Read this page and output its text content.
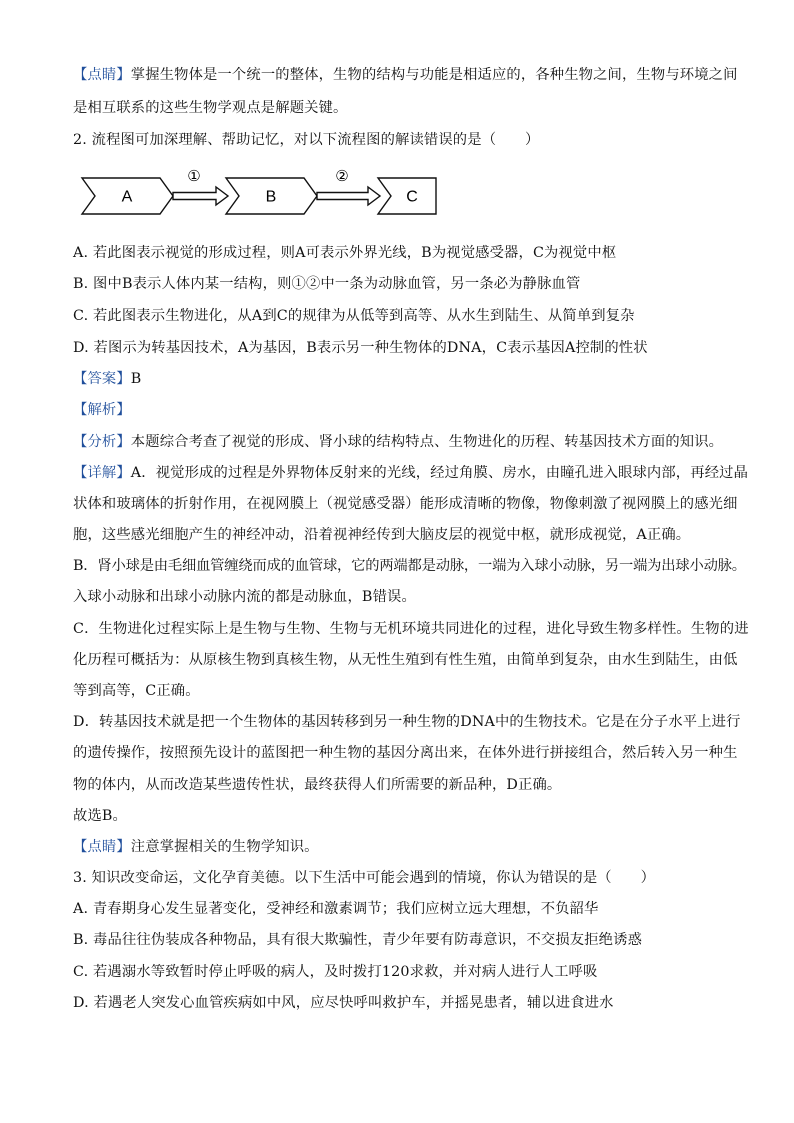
【点睛】掌握生物体是一个统一的整体，生物的结构与功能是相适应的，各种生物之间，生物与环境之间

是相互联系的这些生物学观点是解题关键。

2. 流程图可加深理解、帮助记忆，对以下流程图的解读错误的是（　　）

A
①
B
②
C

A. 若此图表示视觉的形成过程，则A可表示外界光线，B为视觉感受器，C为视觉中枢

B. 图中B表示人体内某一结构，则①②中一条为动脉血管，另一条必为静脉血管

C. 若此图表示生物进化，从A到C的规律为从低等到高等、从水生到陆生、从简单到复杂

D. 若图示为转基因技术，A为基因，B表示另一种生物体的DNA，C表示基因A控制的性状

【答案】B

【解析】

【分析】本题综合考查了视觉的形成、肾小球的结构特点、生物进化的历程、转基因技术方面的知识。

【详解】A．视觉形成的过程是外界物体反射来的光线，经过角膜、房水，由瞳孔进入眼球内部，再经过晶

状体和玻璃体的折射作用，在视网膜上（视觉感受器）能形成清晰的物像，物像刺激了视网膜上的感光细

胞，这些感光细胞产生的神经冲动，沿着视神经传到大脑皮层的视觉中枢，就形成视觉，A正确。

B．肾小球是由毛细血管缠绕而成的血管球，它的两端都是动脉，一端为入球小动脉，另一端为出球小动脉。

入球小动脉和出球小动脉内流的都是动脉血，B错误。

C．生物进化过程实际上是生物与生物、生物与无机环境共同进化的过程，进化导致生物多样性。生物的进

化历程可概括为：从原核生物到真核生物，从无性生殖到有性生殖，由简单到复杂，由水生到陆生，由低

等到高等，C正确。

D．转基因技术就是把一个生物体的基因转移到另一种生物的DNA中的生物技术。它是在分子水平上进行

的遗传操作，按照预先设计的蓝图把一种生物的基因分离出来，在体外进行拼接组合，然后转入另一种生

物的体内，从而改造某些遗传性状，最终获得人们所需要的新品种，D正确。

故选B。

【点睛】注意掌握相关的生物学知识。

3. 知识改变命运，文化孕育美德。以下生活中可能会遇到的情境，你认为错误的是（　　）

A. 青春期身心发生显著变化，受神经和激素调节；我们应树立远大理想，不负韶华

B. 毒品往往伪装成各种物品，具有很大欺骗性，青少年要有防毒意识，不交损友拒绝诱惑

C. 若遇溺水等致暂时停止呼吸的病人，及时拨打120求救，并对病人进行人工呼吸

D. 若遇老人突发心血管疾病如中风，应尽快呼叫救护车，并摇晃患者，辅以进食进水
